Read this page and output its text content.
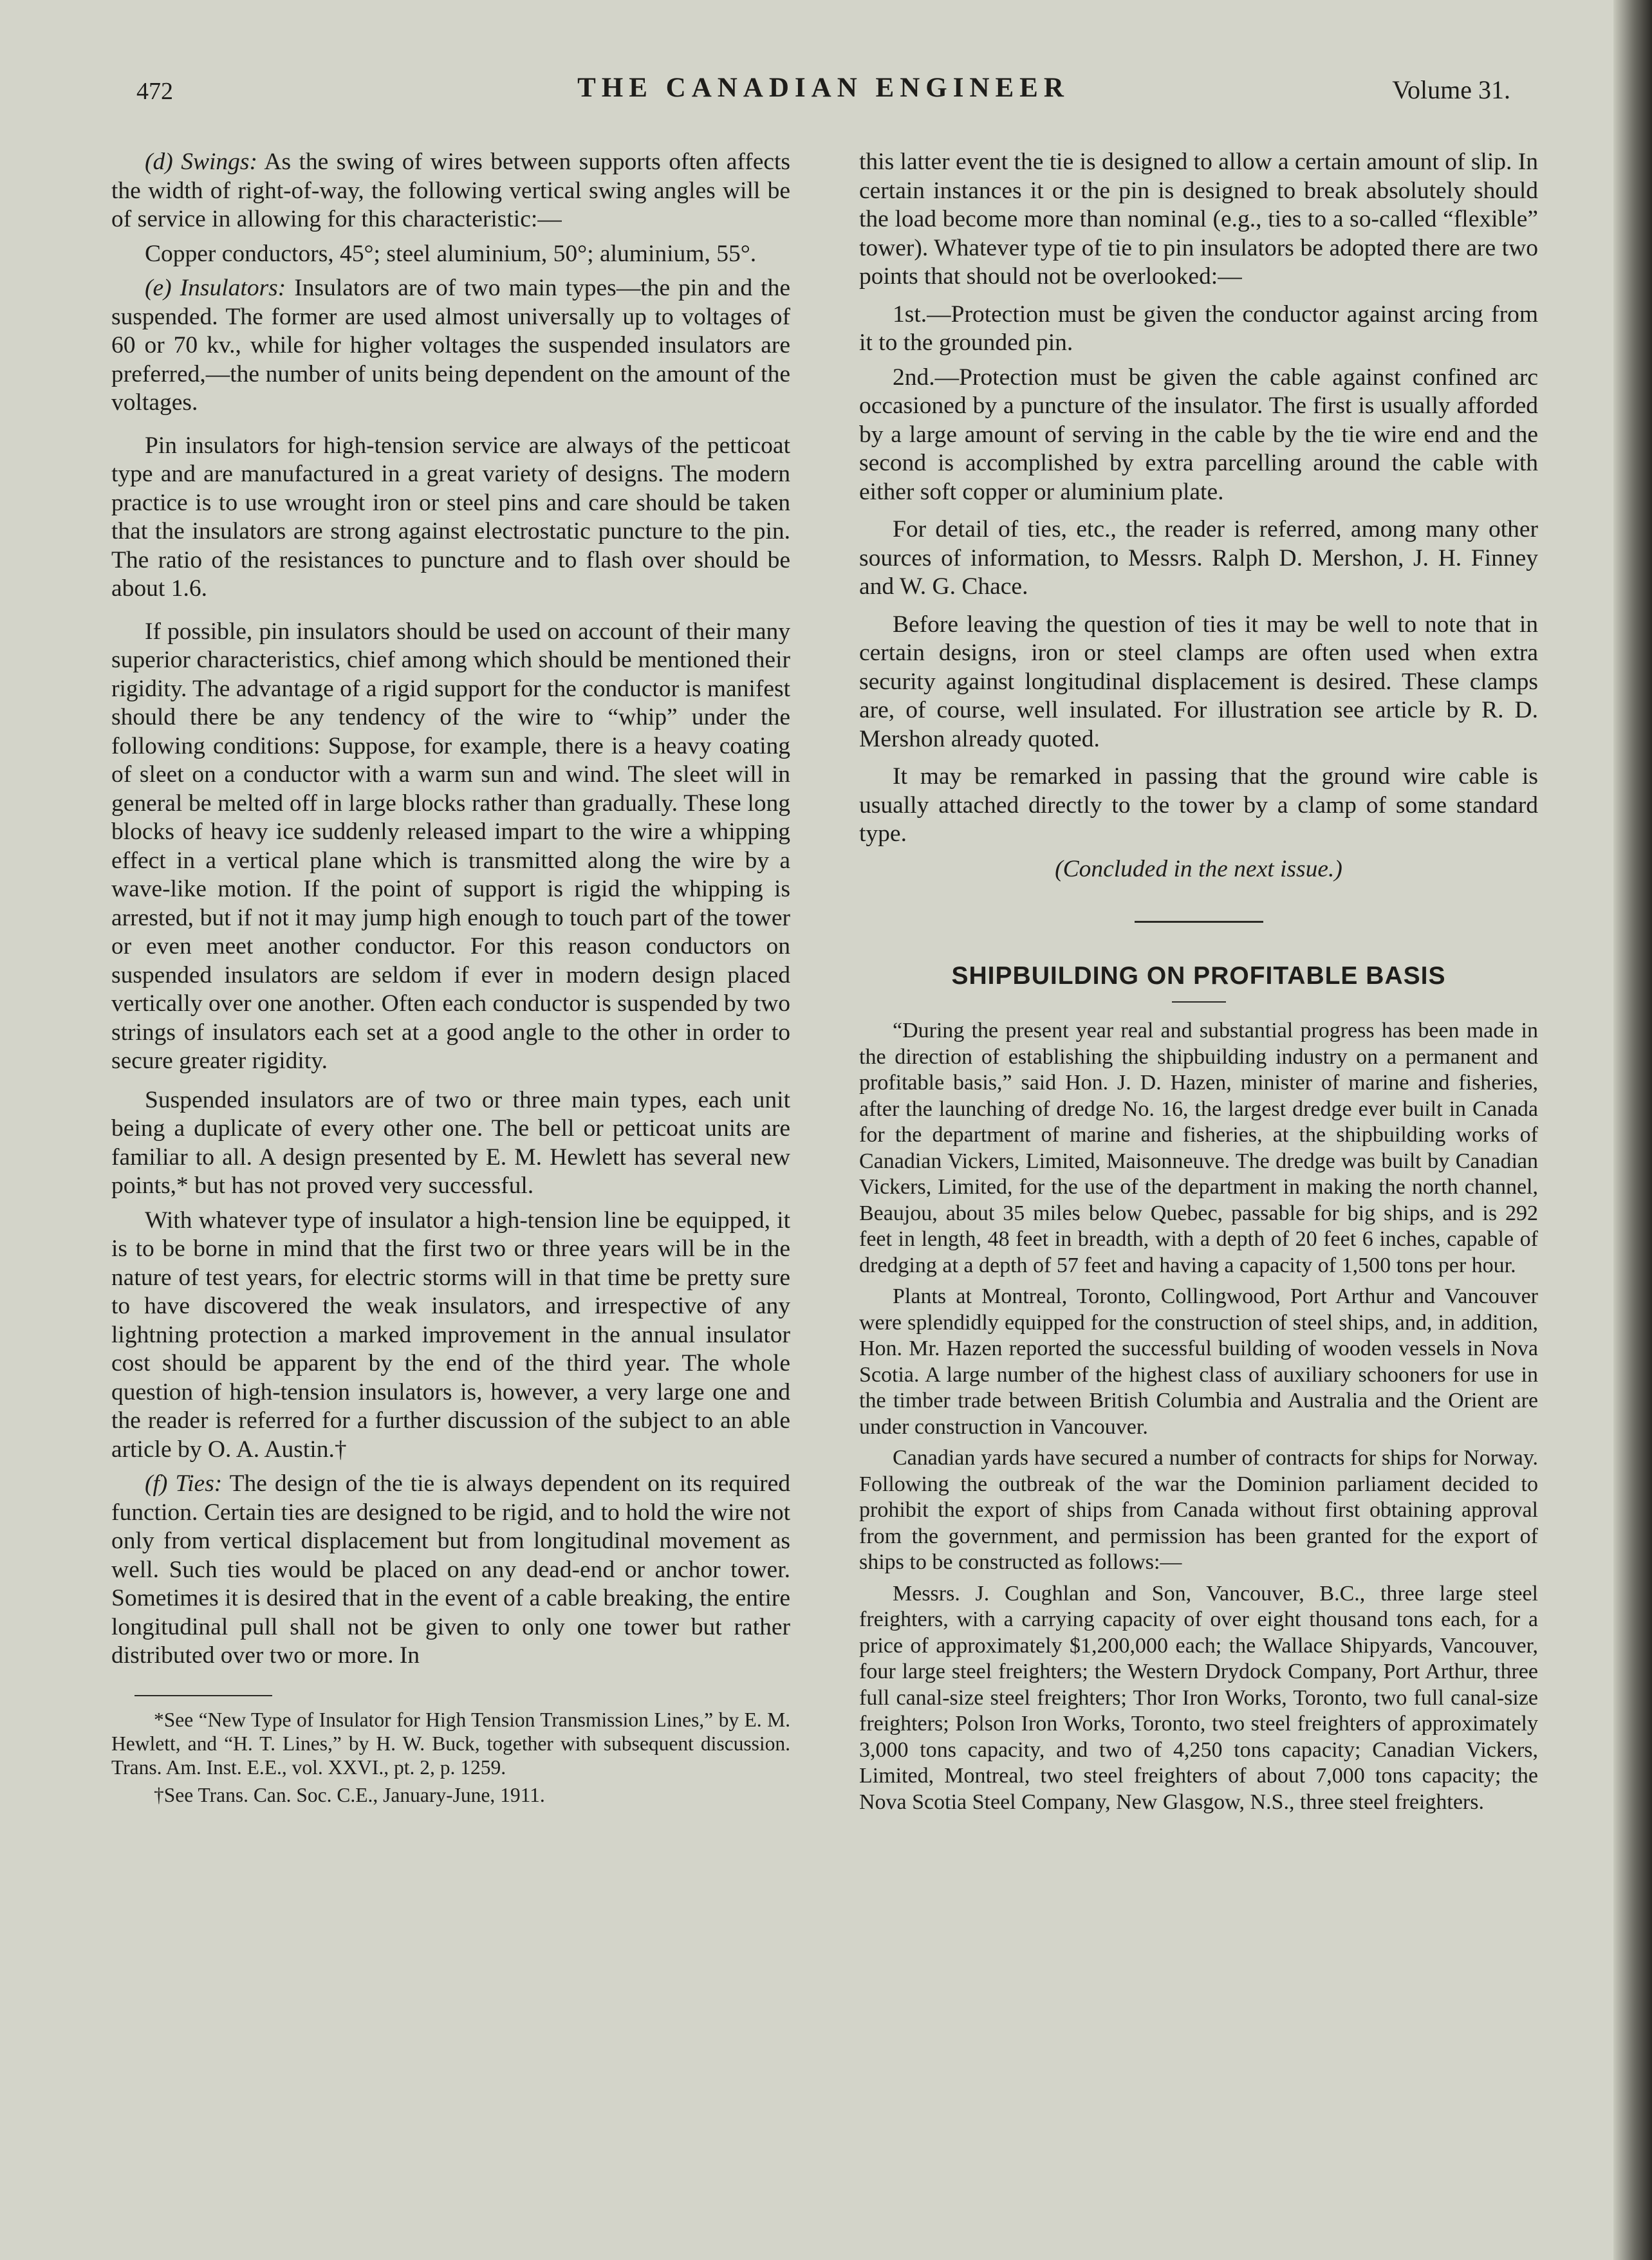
472	THE CANADIAN ENGINEER	Volume 31.

(d) Swings: As the swing of wires between supports often affects the width of right-of-way, the following vertical swing angles will be of service in allowing for this characteristic:—

Copper conductors, 45°; steel aluminium, 50°; aluminium, 55°.

(e) Insulators: Insulators are of two main types—the pin and the suspended. The former are used almost universally up to voltages of 60 or 70 kv., while for higher voltages the suspended insulators are preferred,—the number of units being dependent on the amount of the voltages.

Pin insulators for high-tension service are always of the petticoat type and are manufactured in a great variety of designs. The modern practice is to use wrought iron or steel pins and care should be taken that the insulators are strong against electrostatic puncture to the pin. The ratio of the resistances to puncture and to flash over should be about 1.6.

If possible, pin insulators should be used on account of their many superior characteristics, chief among which should be mentioned their rigidity. The advantage of a rigid support for the conductor is manifest should there be any tendency of the wire to “whip” under the following conditions: Suppose, for example, there is a heavy coating of sleet on a conductor with a warm sun and wind. The sleet will in general be melted off in large blocks rather than gradually. These long blocks of heavy ice suddenly released impart to the wire a whipping effect in a vertical plane which is transmitted along the wire by a wave-like motion. If the point of support is rigid the whipping is arrested, but if not it may jump high enough to touch part of the tower or even meet another conductor. For this reason conductors on suspended insulators are seldom if ever in modern design placed vertically over one another. Often each conductor is suspended by two strings of insulators each set at a good angle to the other in order to secure greater rigidity.

Suspended insulators are of two or three main types, each unit being a duplicate of every other one. The bell or petticoat units are familiar to all. A design presented by E. M. Hewlett has several new points,* but has not proved very successful.

With whatever type of insulator a high-tension line be equipped, it is to be borne in mind that the first two or three years will be in the nature of test years, for electric storms will in that time be pretty sure to have discovered the weak insulators, and irrespective of any lightning protection a marked improvement in the annual insulator cost should be apparent by the end of the third year. The whole question of high-tension insulators is, however, a very large one and the reader is referred for a further discussion of the subject to an able article by O. A. Austin.†

(f) Ties: The design of the tie is always dependent on its required function. Certain ties are designed to be rigid, and to hold the wire not only from vertical displacement but from longitudinal movement as well. Such ties would be placed on any dead-end or anchor tower. Sometimes it is desired that in the event of a cable breaking, the entire longitudinal pull shall not be given to only one tower but rather distributed over two or more. In

*See “New Type of Insulator for High Tension Transmission Lines,” by E. M. Hewlett, and “H. T. Lines,” by H. W. Buck, together with subsequent discussion. Trans. Am. Inst. E.E., vol. XXVI., pt. 2, p. 1259.

†See Trans. Can. Soc. C.E., January-June, 1911.

this latter event the tie is designed to allow a certain amount of slip. In certain instances it or the pin is designed to break absolutely should the load become more than nominal (e.g., ties to a so-called “flexible” tower). Whatever type of tie to pin insulators be adopted there are two points that should not be overlooked:—

1st.—Protection must be given the conductor against arcing from it to the grounded pin.

2nd.—Protection must be given the cable against confined arc occasioned by a puncture of the insulator. The first is usually afforded by a large amount of serving in the cable by the tie wire end and the second is accomplished by extra parcelling around the cable with either soft copper or aluminium plate.

For detail of ties, etc., the reader is referred, among many other sources of information, to Messrs. Ralph D. Mershon, J. H. Finney and W. G. Chace.

Before leaving the question of ties it may be well to note that in certain designs, iron or steel clamps are often used when extra security against longitudinal displacement is desired. These clamps are, of course, well insulated. For illustration see article by R. D. Mershon already quoted.

It may be remarked in passing that the ground wire cable is usually attached directly to the tower by a clamp of some standard type.

(Concluded in the next issue.)

SHIPBUILDING ON PROFITABLE BASIS

“During the present year real and substantial progress has been made in the direction of establishing the shipbuilding industry on a permanent and profitable basis,” said Hon. J. D. Hazen, minister of marine and fisheries, after the launching of dredge No. 16, the largest dredge ever built in Canada for the department of marine and fisheries, at the shipbuilding works of Canadian Vickers, Limited, Maisonneuve. The dredge was built by Canadian Vickers, Limited, for the use of the department in making the north channel, Beaujou, about 35 miles below Quebec, passable for big ships, and is 292 feet in length, 48 feet in breadth, with a depth of 20 feet 6 inches, capable of dredging at a depth of 57 feet and having a capacity of 1,500 tons per hour.

Plants at Montreal, Toronto, Collingwood, Port Arthur and Vancouver were splendidly equipped for the construction of steel ships, and, in addition, Hon. Mr. Hazen reported the successful building of wooden vessels in Nova Scotia. A large number of the highest class of auxiliary schooners for use in the timber trade between British Columbia and Australia and the Orient are under construction in Vancouver.

Canadian yards have secured a number of contracts for ships for Norway. Following the outbreak of the war the Dominion parliament decided to prohibit the export of ships from Canada without first obtaining approval from the government, and permission has been granted for the export of ships to be constructed as follows:—

Messrs. J. Coughlan and Son, Vancouver, B.C., three large steel freighters, with a carrying capacity of over eight thousand tons each, for a price of approximately $1,200,000 each; the Wallace Shipyards, Vancouver, four large steel freighters; the Western Drydock Company, Port Arthur, three full canal-size steel freighters; Thor Iron Works, Toronto, two full canal-size freighters; Polson Iron Works, Toronto, two steel freighters of approximately 3,000 tons capacity, and two of 4,250 tons capacity; Canadian Vickers, Limited, Montreal, two steel freighters of about 7,000 tons capacity; the Nova Scotia Steel Company, New Glasgow, N.S., three steel freighters.
